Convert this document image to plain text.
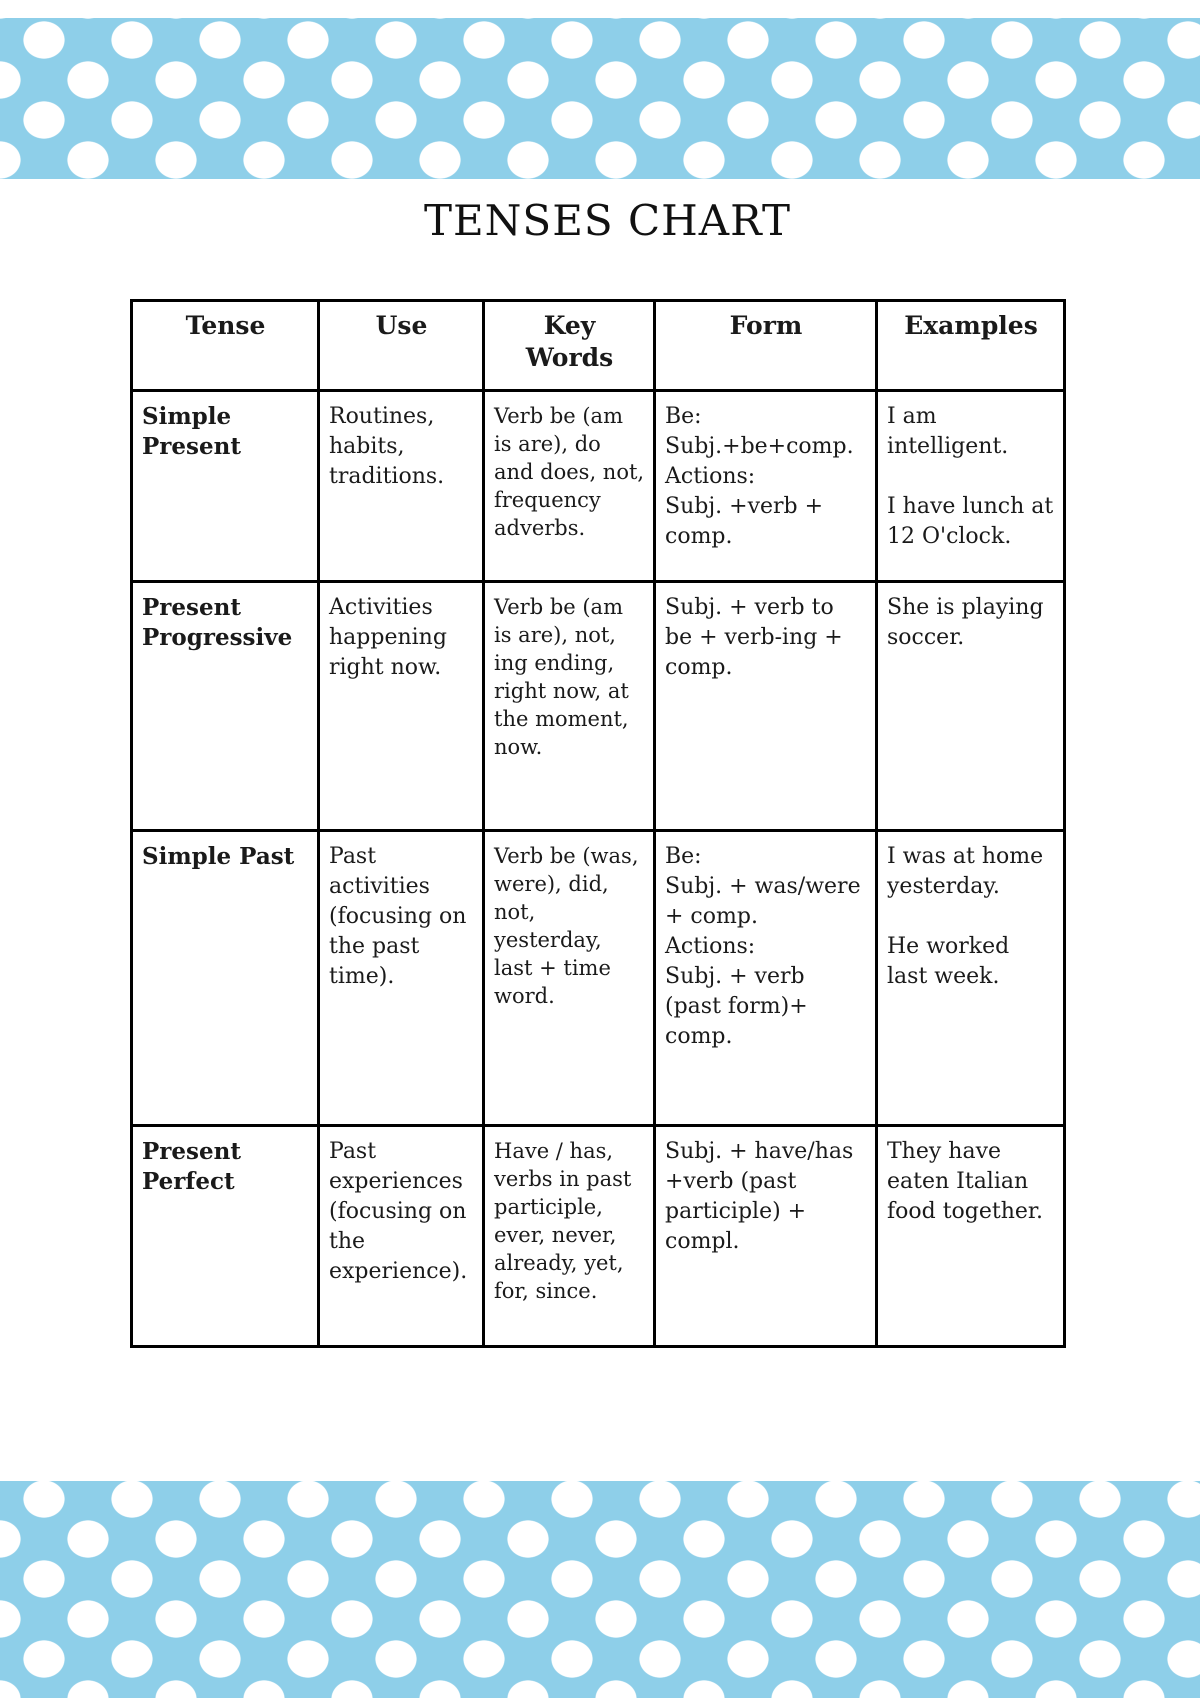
TENSES CHART
Tense	Use	Key Words	Form	Examples
Simple Present	Routines, habits, traditions.	Verb be (am is are), do and does, not, frequency adverbs.	Be:
Subj.+be+comp.
Actions:
Subj. +verb + comp.	I am intelligent.
I have lunch at 12 O'clock.

Present Progressive	Activities happening right now.	Verb be (am is are), not, ing ending, right now, at the moment, now.	Subj. + verb to be + verb-ing + comp.	She is playing soccer.

Simple Past	Past activities (focusing on the past time).	Verb be (was, were), did, not, yesterday, last + time word.	Be:
Subj. + was/were + comp.
Actions:
Subj. + verb (past form)+ comp.	I was at home yesterday.
He worked last week.

Present Perfect	Past experiences (focusing on the experience).	Have / has, verbs in past participle, ever, never, already, yet, for, since.	Subj. + have/has +verb (past participle) + compl.	They have eaten Italian food together.
